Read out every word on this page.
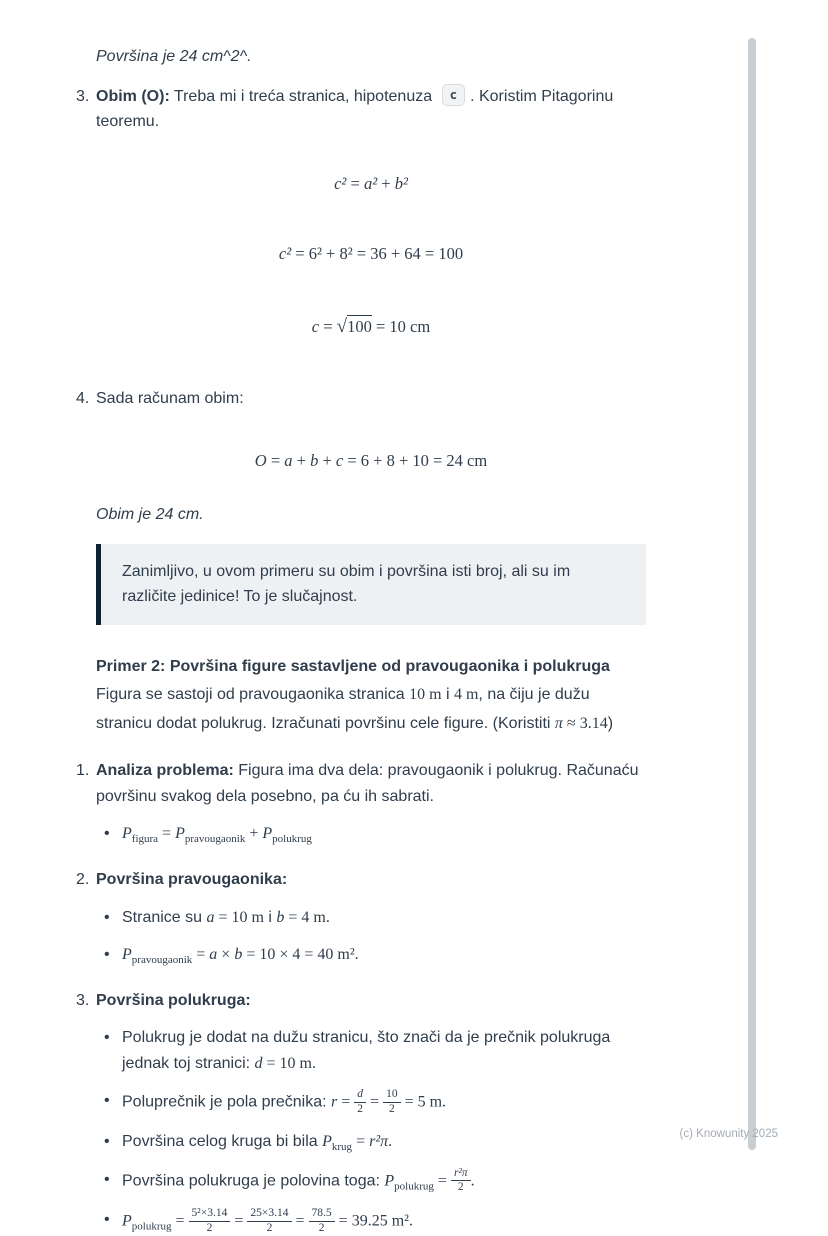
Površina je 24 cm^2^.

3. Obim (O): Treba mi i treća stranica, hipotenuza c . Koristim Pitagorinu teoremu.
c² = a² + b²
c² = 6² + 8² = 36 + 64 = 100
c = √100 = 10 cm
4. Sada računam obim:
O = a + b + c = 6 + 8 + 10 = 24 cm

Obim je 24 cm.

Zanimljivo, u ovom primeru su obim i površina isti broj, ali su im različite jedinice! To je slučajnost.

Primer 2: Površina figure sastavljene od pravougaonika i polukruga Figura se sastoji od pravougaonika stranica 10 m i 4 m, na čiju je dužu stranicu dodat polukrug. Izračunati površinu cele figure. (Koristiti π ≈ 3.14)

1. Analiza problema: Figura ima dva dela: pravougaonik i polukrug. Računaću površinu svakog dela posebno, pa ću ih sabrati.
• $P_{figura} = P_{pravougaonik} + P_{polukrug}$
2. Površina pravougaonika:
• Stranice su a = 10 m i b = 4 m.
• $P_{pravougaonik} = a \times b = 10 \times 4 = 40$ m².
3. Površina polukruga:
• Polukrug je dodat na dužu stranicu, što znači da je prečnik polukruga jednak toj stranici: d = 10 m.
• Poluprečnik je pola prečnika: $r = \frac{d}{2} = \frac{10}{2} = 5$ m.
• Površina celog kruga bi bila $P_{krug} = r^2\pi$.
• Površina polukruga je polovina toga: $P_{polukrug} = \frac{\text{r²π}}{2}$ .
• $P_{polukrug} = \frac{\text{5²×3.14}}{2} = \frac{25\times 3.14}{2} = \frac{78.5}{2} = 39.25$ m².
(c) Knowunity 2025
